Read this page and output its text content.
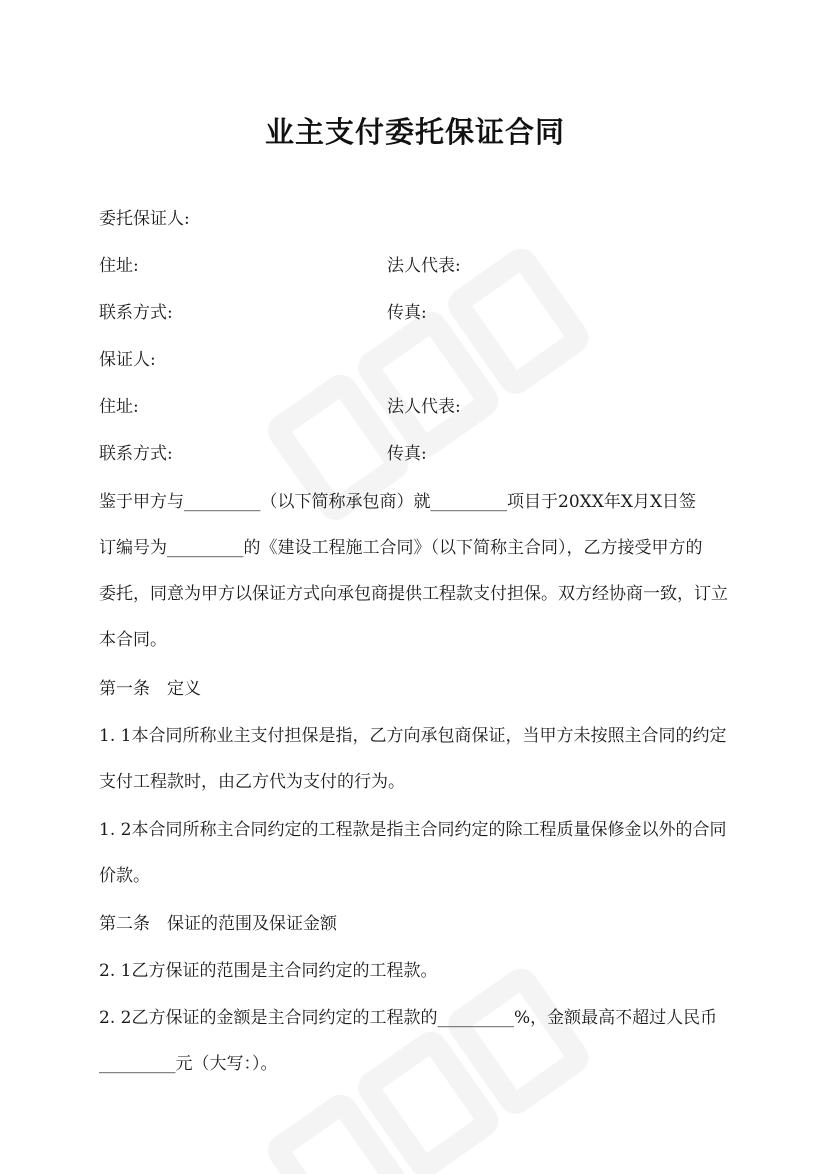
业主支付委托保证合同
委托保证人:
住址:	法人代表:
联系方式:	传真:
保证人:
住址:	法人代表:
联系方式:	传真:
鉴于甲方与_________（以下简称承包商）就_________项目于20XX年X月X日签
订编号为_________的《建设工程施工合同》（以下简称主合同），乙方接受甲方的
委托，同意为甲方以保证方式向承包商提供工程款支付担保。双方经协商一致，订立
本合同。
第一条　定义
1. 1本合同所称业主支付担保是指，乙方向承包商保证，当甲方未按照主合同的约定
支付工程款时，由乙方代为支付的行为。
1. 2本合同所称主合同约定的工程款是指主合同约定的除工程质量保修金以外的合同
价款。
第二条　保证的范围及保证金额
2. 1乙方保证的范围是主合同约定的工程款。
2. 2乙方保证的金额是主合同约定的工程款的_________%，金额最高不超过人民币
_________元（大写：）。
